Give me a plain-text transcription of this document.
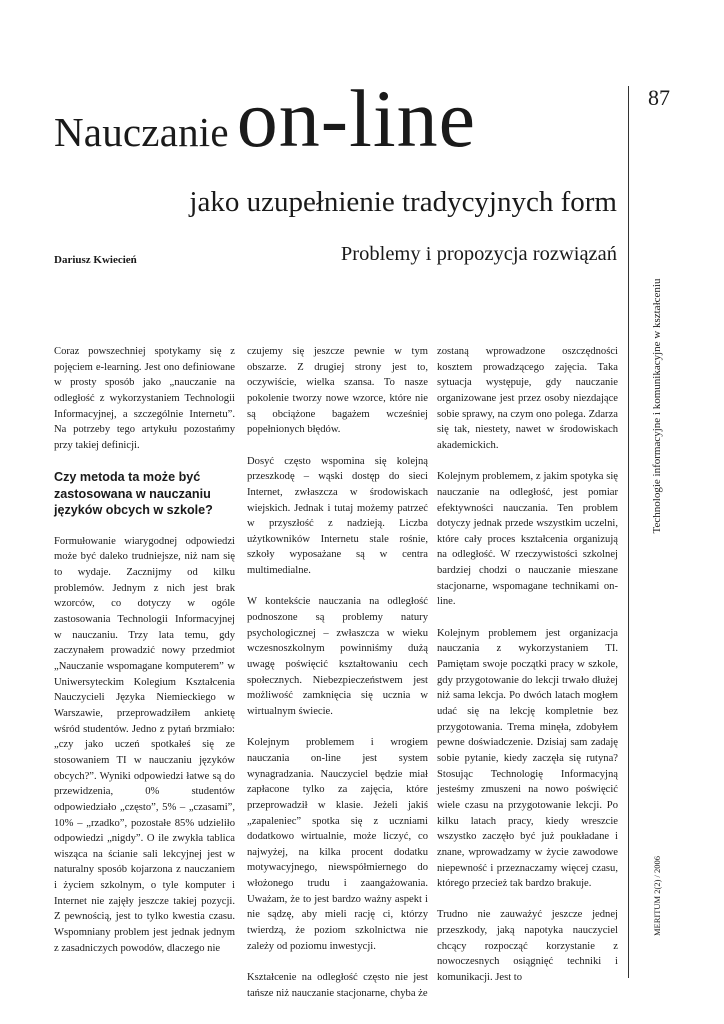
Nauczanieon-line
jako uzupełnienie tradycyjnych form
Dariusz Kwiecień	Problemy i propozycja rozwiązań

Coraz powszechniej spotykamy się z pojęciem e-learning. Jest ono definiowane w prosty sposób jako „nauczanie na odległość z wykorzystaniem Technologii Informacyjnej, a szczególnie Internetu”. Na potrzeby tego artykułu pozostańmy przy takiej definicji.

Czy metoda ta może być zastosowana w nauczaniu języków obcych w szkole?

Formułowanie wiarygodnej odpowiedzi może być daleko trudniejsze, niż nam się to wydaje. Zacznijmy od kilku problemów. Jednym z nich jest brak wzorców, co dotyczy w ogóle zastosowania Technologii Informacyjnej w nauczaniu. Trzy lata temu, gdy zaczynałem prowadzić nowy przedmiot „Nauczanie wspomagane komputerem” w Uniwersyteckim Kolegium Kształcenia Nauczycieli Języka Niemieckiego w Warszawie, przeprowadziłem ankietę wśród studentów. Jedno z pytań brzmiało: „czy jako uczeń spotkałeś się ze stosowaniem TI w nauczaniu języków obcych?”. Wyniki odpowiedzi łatwe są do przewidzenia, 0% studentów odpowiedziało „często”, 5% – „czasami”, 10% – „rzadko”, pozostałe 85% udzieliło odpowiedzi „nigdy”. O ile zwykła tablica wisząca na ścianie sali lekcyjnej jest w naturalny sposób kojarzona z nauczaniem i życiem szkolnym, o tyle komputer i Internet nie zajęły jeszcze takiej pozycji. Z pewnością, jest to tylko kwestia czasu. Wspomniany problem jest jednak jednym z zasadniczych powodów, dlaczego nie

czujemy się jeszcze pewnie w tym obszarze. Z drugiej strony jest to, oczywiście, wielka szansa. To nasze pokolenie tworzy nowe wzorce, które nie są obciążone bagażem wcześniej popełnionych błędów.

Dosyć często wspomina się kolejną przeszkodę – wąski dostęp do sieci Internet, zwłaszcza w środowiskach wiejskich. Jednak i tutaj możemy patrzeć w przyszłość z nadzieją. Liczba użytkowników Internetu stale rośnie, szkoły wyposażane są w centra multimedialne.

W kontekście nauczania na odległość podnoszone są problemy natury psychologicznej – zwłaszcza w wieku wczesnoszkolnym powinniśmy dużą uwagę poświęcić kształtowaniu cech społecznych. Niebezpieczeństwem jest możliwość zamknięcia się ucznia w wirtualnym świecie.

Kolejnym problemem i wrogiem nauczania on-line jest system wynagradzania. Nauczyciel będzie miał zapłacone tylko za zajęcia, które przeprowadził w klasie. Jeżeli jakiś „zapaleniec” spotka się z uczniami dodatkowo wirtualnie, może liczyć, co najwyżej, na kilka procent dodatku motywacyjnego, niewspółmiernego do włożonego trudu i zaangażowania. Uważam, że to jest bardzo ważny aspekt i nie sądzę, aby mieli rację ci, którzy twierdzą, że poziom szkolnictwa nie zależy od poziomu inwestycji.

Kształcenie na odległość często nie jest tańsze niż nauczanie stacjonarne, chyba że

zostaną wprowadzone oszczędności kosztem prowadzącego zajęcia. Taka sytuacja występuje, gdy nauczanie organizowane jest przez osoby niezdające sobie sprawy, na czym ono polega. Zdarza się tak, niestety, nawet w środowiskach akademickich.

Kolejnym problemem, z jakim spotyka się nauczanie na odległość, jest pomiar efektywności nauczania. Ten problem dotyczy jednak przede wszystkim uczelni, które cały proces kształcenia organizują na odległość. W rzeczywistości szkolnej bardziej chodzi o nauczanie mieszane stacjonarne, wspomagane technikami on-line.

Kolejnym problemem jest organizacja nauczania z wykorzystaniem TI. Pamiętam swoje początki pracy w szkole, gdy przygotowanie do lekcji trwało dłużej niż sama lekcja. Po dwóch latach mogłem udać się na lekcję kompletnie bez przygotowania. Trema minęła, zdobyłem pewne doświadczenie. Dzisiaj sam zadaję sobie pytanie, kiedy zaczęła się rutyna? Stosując Technologię Informacyjną jesteśmy zmuszeni na nowo poświęcić wiele czasu na przygotowanie lekcji. Po kilku latach pracy, kiedy wreszcie wszystko zaczęło być już poukładane i znane, wprowadzamy w życie zawodowe niepewność i przeznaczamy więcej czasu, którego przecież tak bardzo brakuje.

Trudno nie zauważyć jeszcze jednej przeszkody, jaką napotyka nauczyciel chcący rozpocząć korzystanie z nowoczesnych osiągnięć techniki i komunikacji. Jest to

87
Technologie informacyjne i komunikacyjne w kształceniu
MERITUM 2(2) / 2006
